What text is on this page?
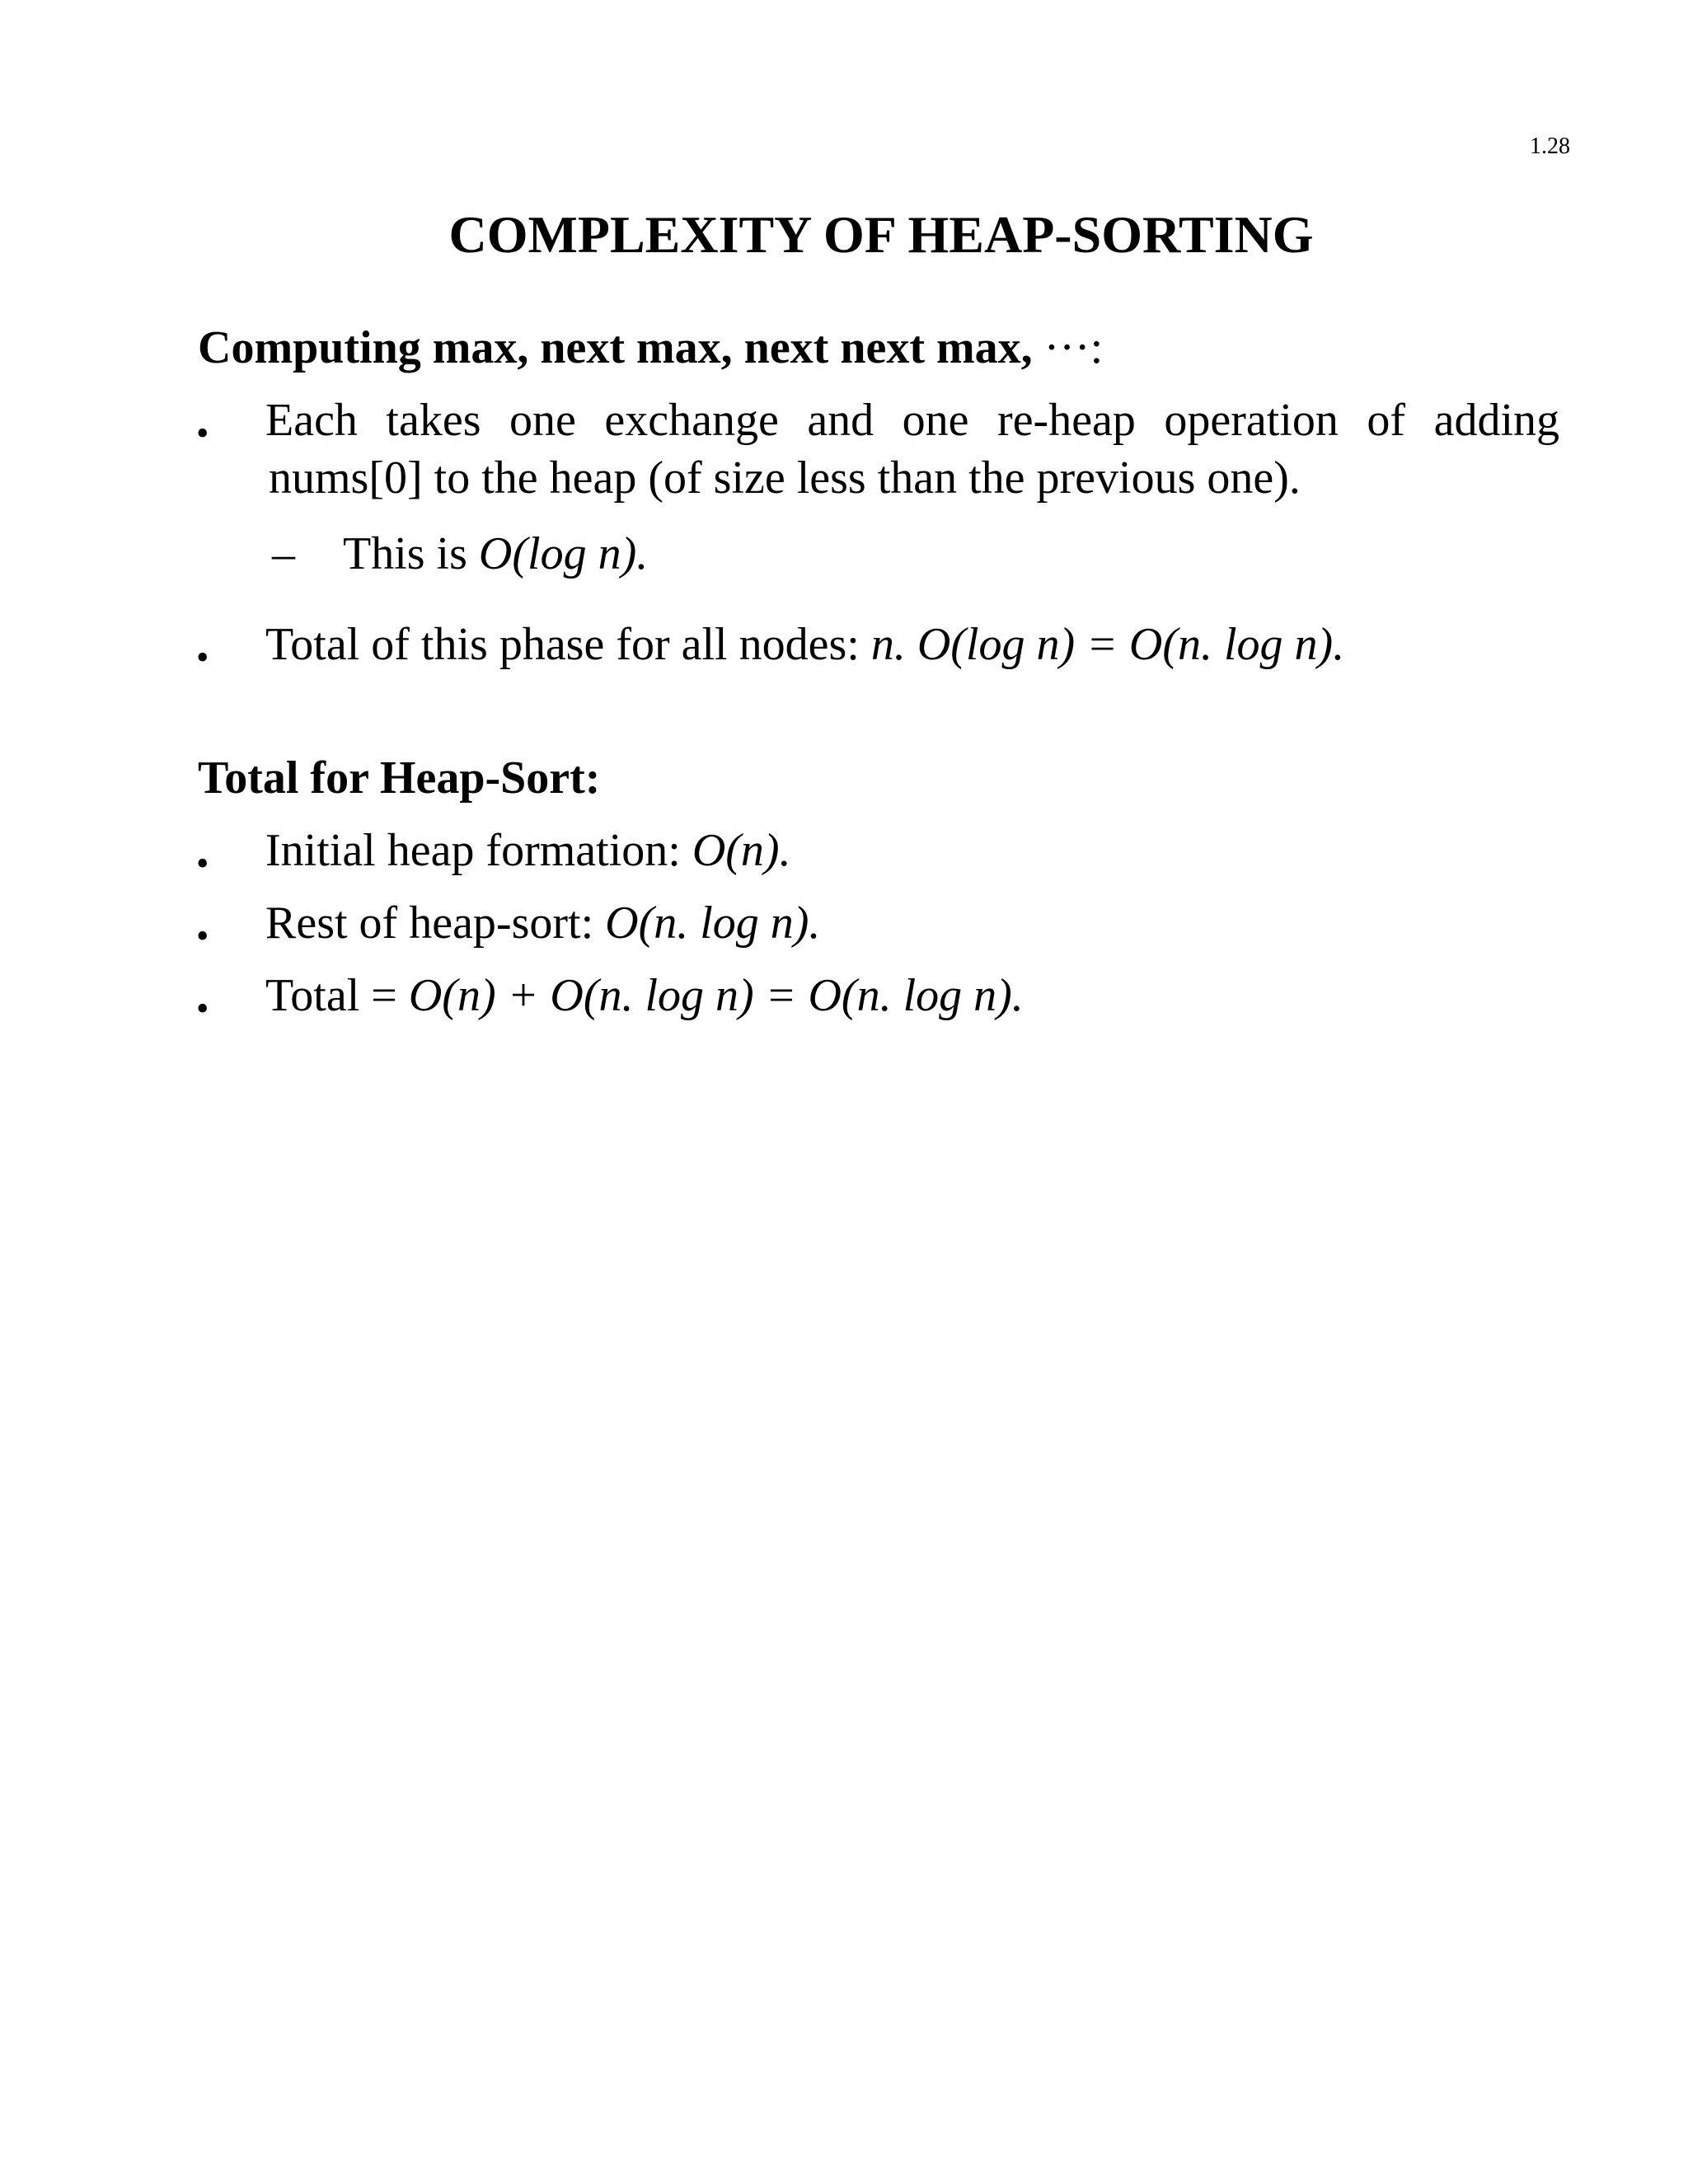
1.28
COMPLEXITY OF HEAP-SORTING
Computing max, next max, next next max, ···:
• Each takes one exchange and one re-heap operation of adding
nums[0] to the heap (of size less than the previous one).
– This is O(log n).
• Total of this phase for all nodes: n. O(log n) = O(n. log n).
Total for Heap-Sort:
• Initial heap formation: O(n).
• Rest of heap-sort: O(n. log n).
• Total = O(n) + O(n. log n) = O(n. log n).
